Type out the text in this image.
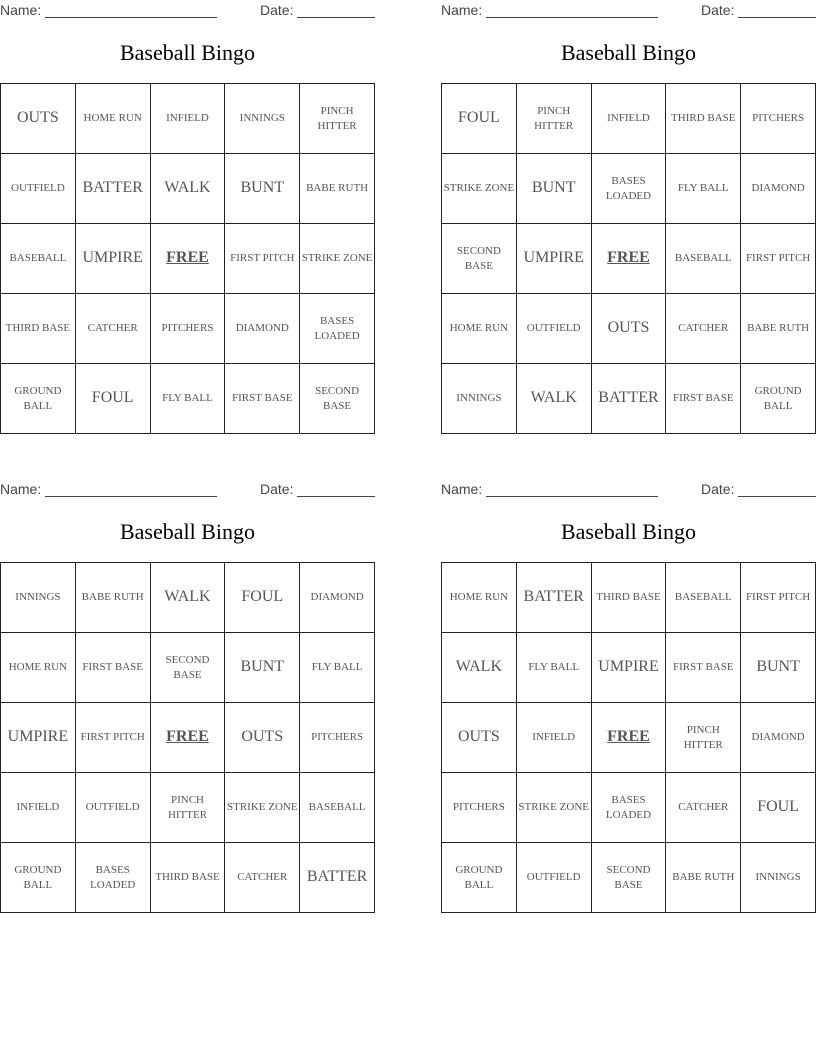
Name:	Date:
Baseball Bingo
OUTS	HOME RUN	INFIELD	INNINGS	PINCH HITTER
OUTFIELD	BATTER	WALK	BUNT	BABE RUTH
BASEBALL	UMPIRE	FREE	FIRST PITCH	STRIKE ZONE
THIRD BASE	CATCHER	PITCHERS	DIAMOND	BASES LOADED
GROUND BALL	FOUL	FLY BALL	FIRST BASE	SECOND BASE
Name:	Date:
Baseball Bingo
FOUL	PINCH HITTER	INFIELD	THIRD BASE	PITCHERS
STRIKE ZONE	BUNT	BASES LOADED	FLY BALL	DIAMOND
SECOND BASE	UMPIRE	FREE	BASEBALL	FIRST PITCH
HOME RUN	OUTFIELD	OUTS	CATCHER	BABE RUTH
INNINGS	WALK	BATTER	FIRST BASE	GROUND BALL
Name:	Date:
Baseball Bingo
INNINGS	BABE RUTH	WALK	FOUL	DIAMOND
HOME RUN	FIRST BASE	SECOND BASE	BUNT	FLY BALL
UMPIRE	FIRST PITCH	FREE	OUTS	PITCHERS
INFIELD	OUTFIELD	PINCH HITTER	STRIKE ZONE	BASEBALL
GROUND BALL	BASES LOADED	THIRD BASE	CATCHER	BATTER
Name:	Date:
Baseball Bingo
HOME RUN	BATTER	THIRD BASE	BASEBALL	FIRST PITCH
WALK	FLY BALL	UMPIRE	FIRST BASE	BUNT
OUTS	INFIELD	FREE	PINCH HITTER	DIAMOND
PITCHERS	STRIKE ZONE	BASES LOADED	CATCHER	FOUL
GROUND BALL	OUTFIELD	SECOND BASE	BABE RUTH	INNINGS
